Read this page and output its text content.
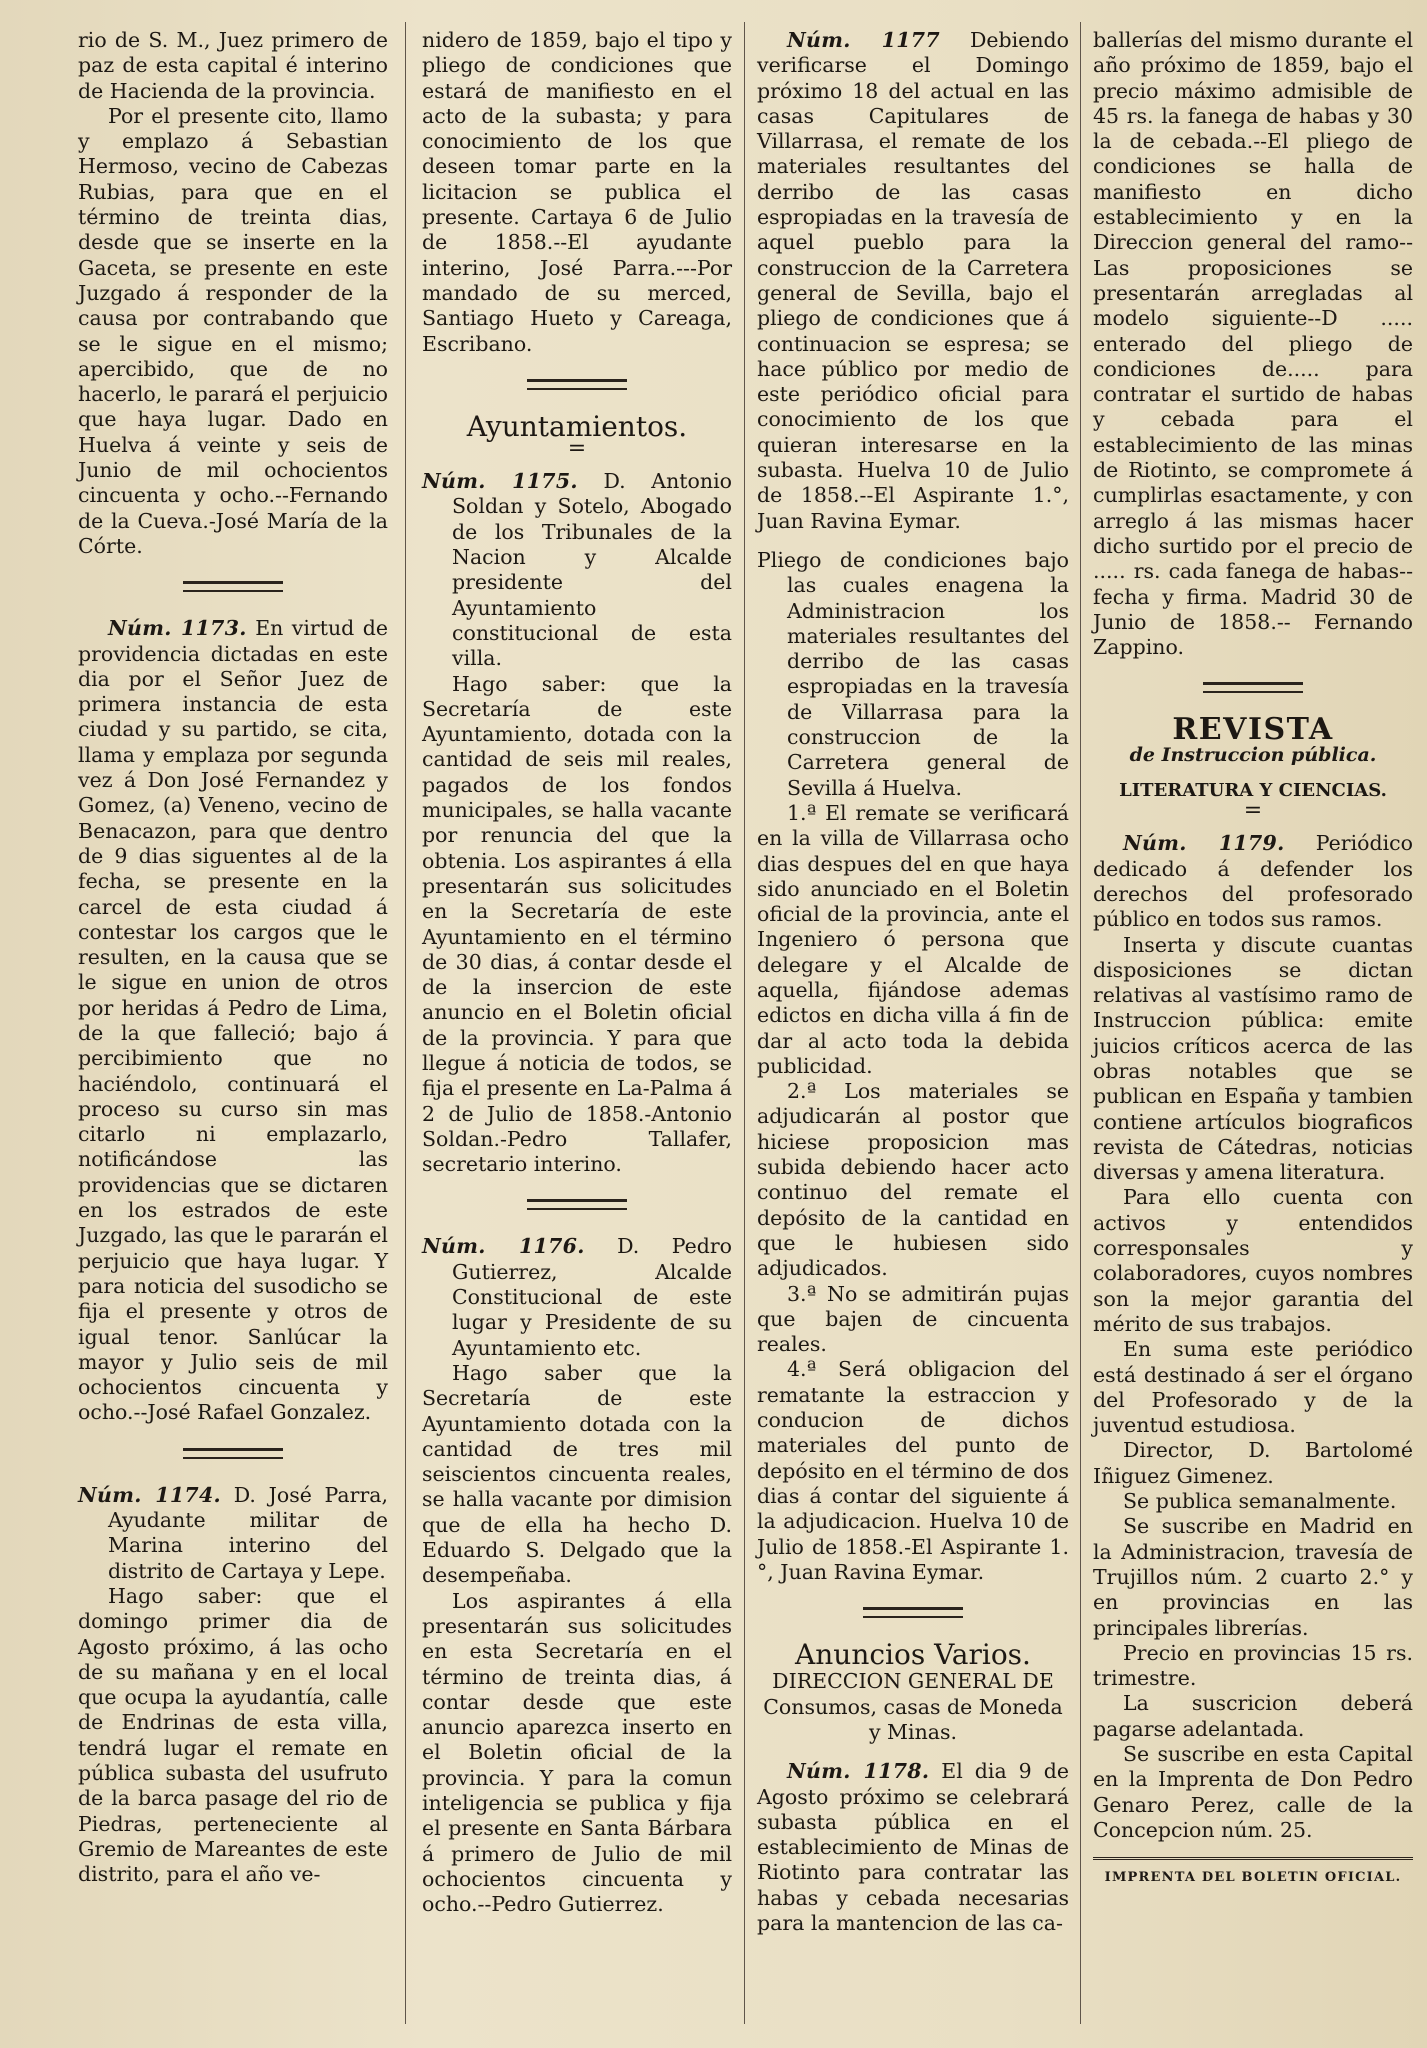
rio de S. M., Juez primero de paz de esta capital é interino de Hacienda de la provincia.

Por el presente cito, llamo y emplazo á Sebastian Hermoso, vecino de Cabezas Rubias, para que en el término de treinta dias, desde que se inserte en la Gaceta, se presente en este Juzgado á responder de la causa por contrabando que se le sigue en el mismo; apercibido, que de no hacerlo, le parará el perjuicio que haya lugar. Dado en Huelva á veinte y seis de Junio de mil ochocientos cincuenta y ocho.--Fernando de la Cueva.-José María de la Córte.

Núm. 1173. En virtud de providencia dictadas en este dia por el Señor Juez de primera instancia de esta ciudad y su partido, se cita, llama y emplaza por segunda vez á Don José Fernandez y Gomez, (a) Veneno, vecino de Benacazon, para que dentro de 9 dias siguentes al de la fecha, se presente en la carcel de esta ciudad á contestar los cargos que le resulten, en la causa que se le sigue en union de otros por heridas á Pedro de Lima, de la que falleció; bajo á percibimiento que no haciéndolo, continuará el proceso su curso sin mas citarlo ni emplazarlo, notificándose las providencias que se dictaren en los estrados de este Juzgado, las que le pararán el perjuicio que haya lugar. Y para noticia del susodicho se fija el presente y otros de igual tenor. Sanlúcar la mayor y Julio seis de mil ochocientos cincuenta y ocho.--José Rafael Gonzalez.

Núm. 1174. D. José Parra, Ayudante militar de Marina interino del distrito de Cartaya y Lepe.

Hago saber: que el domingo primer dia de Agosto próximo, á las ocho de su mañana y en el local que ocupa la ayudantía, calle de Endrinas de esta villa, tendrá lugar el remate en pública subasta del usufruto de la barca pasage del rio de Piedras, perteneciente al Gremio de Mareantes de este distrito, para el año ve-

nidero de 1859, bajo el tipo y pliego de condiciones que estará de manifiesto en el acto de la subasta; y para conocimiento de los que deseen tomar parte en la licitacion se publica el presente. Cartaya 6 de Julio de 1858.--El ayudante interino, José Parra.---Por mandado de su merced, Santiago Hueto y Careaga, Escribano.

Ayuntamientos.
=

Núm. 1175. D. Antonio Soldan y Sotelo, Abogado de los Tribunales de la Nacion y Alcalde presidente del Ayuntamiento constitucional de esta villa.

Hago saber: que la Secretaría de este Ayuntamiento, dotada con la cantidad de seis mil reales, pagados de los fondos municipales, se halla vacante por renuncia del que la obtenia. Los aspirantes á ella presentarán sus solicitudes en la Secretaría de este Ayuntamiento en el término de 30 dias, á contar desde el de la insercion de este anuncio en el Boletin oficial de la provincia. Y para que llegue á noticia de todos, se fija el presente en La-Palma á 2 de Julio de 1858.-Antonio Soldan.-Pedro Tallafer, secretario interino.

Núm. 1176. D. Pedro Gutierrez, Alcalde Constitucional de este lugar y Presidente de su Ayuntamiento etc.

Hago saber que la Secretaría de este Ayuntamiento dotada con la cantidad de tres mil seiscientos cincuenta reales, se halla vacante por dimision que de ella ha hecho D. Eduardo S. Delgado que la desempeñaba.

Los aspirantes á ella presentarán sus solicitudes en esta Secretaría en el término de treinta dias, á contar desde que este anuncio aparezca inserto en el Boletin oficial de la provincia. Y para la comun inteligencia se publica y fija el presente en Santa Bárbara á primero de Julio de mil ochocientos cincuenta y ocho.--Pedro Gutierrez.

Núm. 1177 Debiendo verificarse el Domingo próximo 18 del actual en las casas Capitulares de Villarrasa, el remate de los materiales resultantes del derribo de las casas espropiadas en la travesía de aquel pueblo para la construccion de la Carretera general de Sevilla, bajo el pliego de condiciones que á continuacion se espresa; se hace público por medio de este periódico oficial para conocimiento de los que quieran interesarse en la subasta. Huelva 10 de Julio de 1858.--El Aspirante 1.°, Juan Ravina Eymar.

Pliego de condiciones bajo las cuales enagena la Administracion los materiales resultantes del derribo de las casas espropiadas en la travesía de Villarrasa para la construccion de la Carretera general de Sevilla á Huelva.

1.ª El remate se verificará en la villa de Villarrasa ocho dias despues del en que haya sido anunciado en el Boletin oficial de la provincia, ante el Ingeniero ó persona que delegare y el Alcalde de aquella, fijándose ademas edictos en dicha villa á fin de dar al acto toda la debida publicidad.

2.ª Los materiales se adjudicarán al postor que hiciese proposicion mas subida debiendo hacer acto continuo del remate el depósito de la cantidad en que le hubiesen sido adjudicados.

3.ª No se admitirán pujas que bajen de cincuenta reales.

4.ª Será obligacion del rematante la estraccion y conducion de dichos materiales del punto de depósito en el término de dos dias á contar del siguiente á la adjudicacion. Huelva 10 de Julio de 1858.-El Aspirante 1.°, Juan Ravina Eymar.

Anuncios Varios.
DIRECCION GENERAL DE Consumos, casas de Moneda y Minas.

Núm. 1178. El dia 9 de Agosto próximo se celebrará subasta pública en el establecimiento de Minas de Riotinto para contratar las habas y cebada necesarias para la mantencion de las ca-

ballerías del mismo durante el año próximo de 1859, bajo el precio máximo admisible de 45 rs. la fanega de habas y 30 la de cebada.--El pliego de condiciones se halla de manifiesto en dicho establecimiento y en la Direccion general del ramo--Las proposiciones se presentarán arregladas al modelo siguiente--D ..... enterado del pliego de condiciones de..... para contratar el surtido de habas y cebada para el establecimiento de las minas de Riotinto, se compromete á cumplirlas esactamente, y con arreglo á las mismas hacer dicho surtido por el precio de ..... rs. cada fanega de habas--fecha y firma. Madrid 30 de Junio de 1858.-- Fernando Zappino.

REVISTA
de Instruccion pública.
LITERATURA Y CIENCIAS.
=

Núm. 1179. Periódico dedicado á defender los derechos del profesorado público en todos sus ramos.

Inserta y discute cuantas disposiciones se dictan relativas al vastísimo ramo de Instruccion pública: emite juicios críticos acerca de las obras notables que se publican en España y tambien contiene artículos biograficos revista de Cátedras, noticias diversas y amena literatura.

Para ello cuenta con activos y entendidos corresponsales y colaboradores, cuyos nombres son la mejor garantia del mérito de sus trabajos.

En suma este periódico está destinado á ser el órgano del Profesorado y de la juventud estudiosa.

Director, D. Bartolomé Iñiguez Gimenez.

Se publica semanalmente.

Se suscribe en Madrid en la Administracion, travesía de Trujillos núm. 2 cuarto 2.° y en provincias en las principales librerías.

Precio en provincias 15 rs. trimestre.

La suscricion deberá pagarse adelantada.

Se suscribe en esta Capital en la Imprenta de Don Pedro Genaro Perez, calle de la Concepcion núm. 25.

IMPRENTA DEL BOLETIN OFICIAL.
